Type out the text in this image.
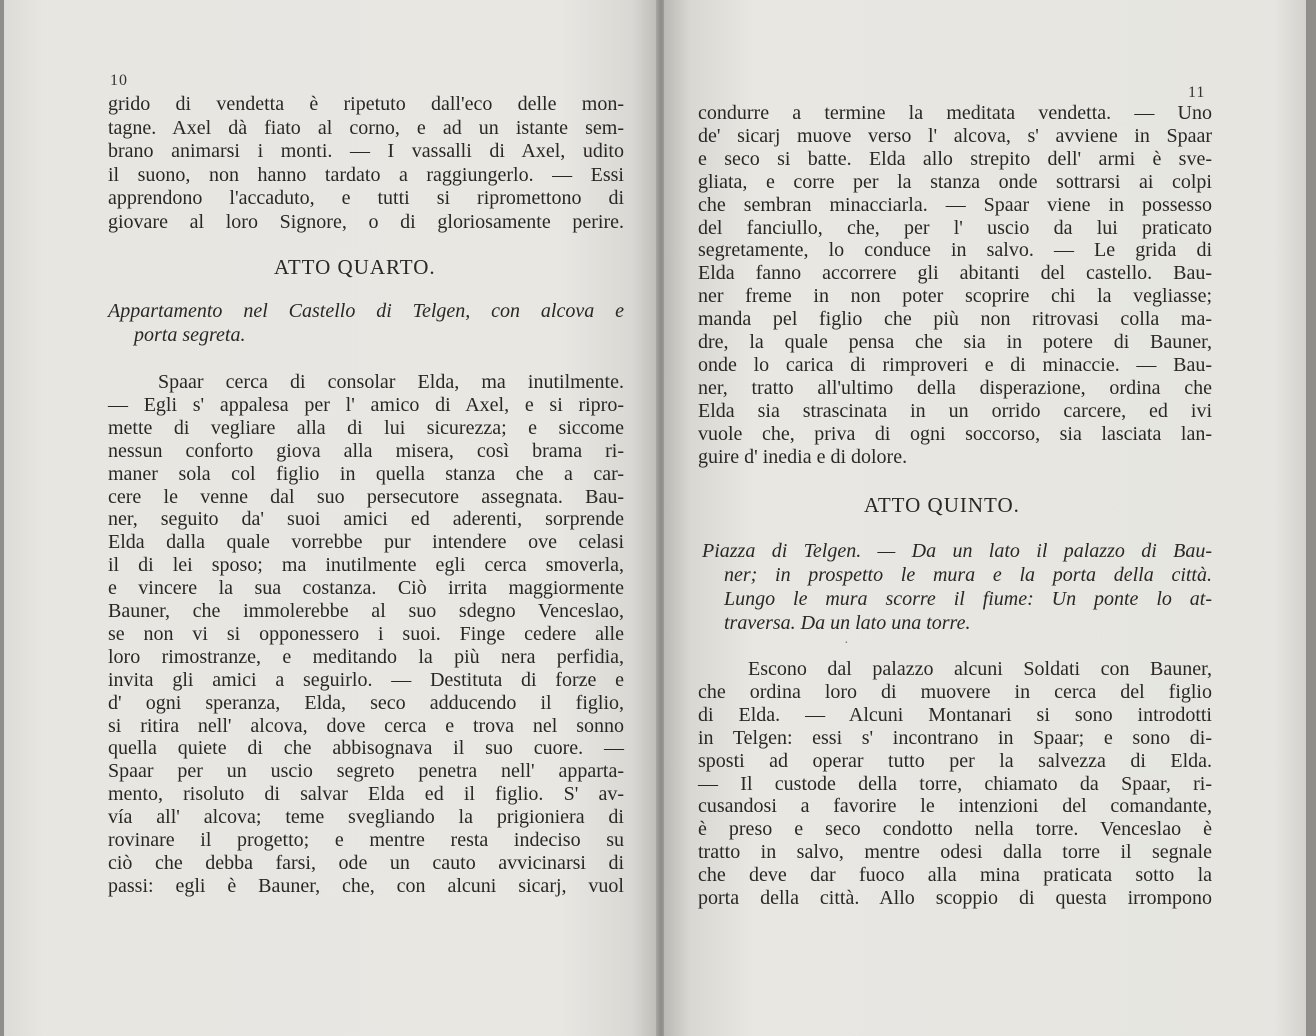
10
grido di vendetta è ripetuto dall'eco delle mon-
tagne. Axel dà fiato al corno, e ad un istante sem-
brano animarsi i monti. — I vassalli di Axel, udito
il suono, non hanno tardato a raggiungerlo. — Essi
apprendono l'accaduto, e tutti si ripromettono di
giovare al loro Signore, o di gloriosamente perire.
ATTO QUARTO.
Appartamento nel Castello di Telgen, con alcova e
porta segreta.
Spaar cerca di consolar Elda, ma inutilmente.
— Egli s' appalesa per l' amico di Axel, e si ripro-
mette di vegliare alla di lui sicurezza; e siccome
nessun conforto giova alla misera, così brama ri-
maner sola col figlio in quella stanza che a car-
cere le venne dal suo persecutore assegnata. Bau-
ner, seguito da' suoi amici ed aderenti, sorprende
Elda dalla quale vorrebbe pur intendere ove celasi
il di lei sposo; ma inutilmente egli cerca smoverla,
e vincere la sua costanza. Ciò irrita maggiormente
Bauner, che immolerebbe al suo sdegno Venceslao,
se non vi si opponessero i suoi. Finge cedere alle
loro rimostranze, e meditando la più nera perfidia,
invita gli amici a seguirlo. — Destituta di forze e
d' ogni speranza, Elda, seco adducendo il figlio,
si ritira nell' alcova, dove cerca e trova nel sonno
quella quiete di che abbisognava il suo cuore. —
Spaar per un uscio segreto penetra nell' apparta-
mento, risoluto di salvar Elda ed il figlio. S' av-
vía all' alcova; teme svegliando la prigioniera di
rovinare il progetto; e mentre resta indeciso su
ciò che debba farsi, ode un cauto avvicinarsi di
passi: egli è Bauner, che, con alcuni sicarj, vuol
11
condurre a termine la meditata vendetta. — Uno
de' sicarj muove verso l' alcova, s' avviene in Spaar
e seco si batte. Elda allo strepito dell' armi è sve-
gliata, e corre per la stanza onde sottrarsi ai colpi
che sembran minacciarla. — Spaar viene in possesso
del fanciullo, che, per l' uscio da lui praticato
segretamente, lo conduce in salvo. — Le grida di
Elda fanno accorrere gli abitanti del castello. Bau-
ner freme in non poter scoprire chi la vegliasse;
manda pel figlio che più non ritrovasi colla ma-
dre, la quale pensa che sia in potere di Bauner,
onde lo carica di rimproveri e di minaccie. — Bau-
ner, tratto all'ultimo della disperazione, ordina che
Elda sia strascinata in un orrido carcere, ed ivi
vuole che, priva di ogni soccorso, sia lasciata lan-
guire d' inedia e di dolore.
ATTO QUINTO.
Piazza di Telgen. — Da un lato il palazzo di Bau-
ner; in prospetto le mura e la porta della città.
Lungo le mura scorre il fiume: Un ponte lo at-
traversa. Da un lato una torre.
Escono dal palazzo alcuni Soldati con Bauner,
che ordina loro di muovere in cerca del figlio
di Elda. — Alcuni Montanari si sono introdotti
in Telgen: essi s' incontrano in Spaar; e sono di-
sposti ad operar tutto per la salvezza di Elda.
— Il custode della torre, chiamato da Spaar, ri-
cusandosi a favorire le intenzioni del comandante,
è preso e seco condotto nella torre. Venceslao è
tratto in salvo, mentre odesi dalla torre il segnale
che deve dar fuoco alla mina praticata sotto la
porta della città. Allo scoppio di questa irrompono
·
